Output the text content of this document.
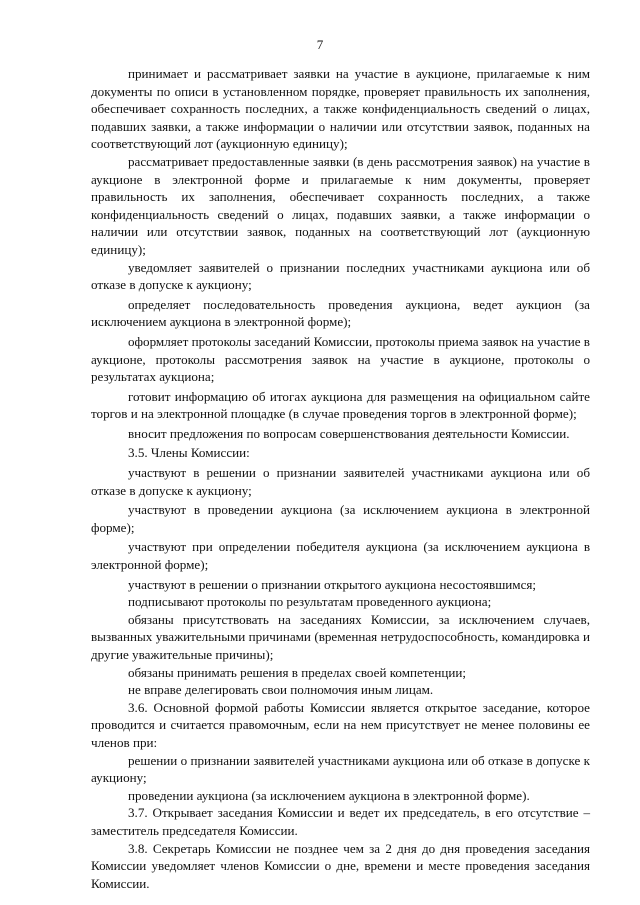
7

принимает и рассматривает заявки на участие в аукционе, прилагаемые к ним документы по описи в установленном порядке, проверяет правильность их заполнения, обеспечивает сохранность последних, а также конфиденциальность сведений о лицах, подавших заявки, а также информации о наличии или отсутствии заявок, поданных на соответствующий лот (аукционную единицу);

рассматривает предоставленные заявки (в день рассмотрения заявок) на участие в аукционе в электронной форме и прилагаемые к ним документы, проверяет правильность их заполнения, обеспечивает сохранность последних, а также конфиденциальность сведений о лицах, подавших заявки, а также информации о наличии или отсутствии заявок, поданных на соответствующий лот (аукционную единицу);

уведомляет заявителей о признании последних участниками аукциона или об отказе в допуске к аукциону;

определяет последовательность проведения аукциона, ведет аукцион (за исключением аукциона в электронной форме);

оформляет протоколы заседаний Комиссии, протоколы приема заявок на участие в аукционе, протоколы рассмотрения заявок на участие в аукционе, протоколы о результатах аукциона;

готовит информацию об итогах аукциона для размещения на официальном сайте торгов и на электронной площадке (в случае проведения торгов в электронной форме);

вносит предложения по вопросам совершенствования деятельности Комиссии.

3.5. Члены Комиссии:

участвуют в решении о признании заявителей участниками аукциона или об отказе в допуске к аукциону;

участвуют в проведении аукциона (за исключением аукциона в электронной форме);

участвуют при определении победителя аукциона (за исключением аукциона в электронной форме);

участвуют в решении о признании открытого аукциона несостоявшимся;

подписывают протоколы по результатам проведенного аукциона;

обязаны присутствовать на заседаниях Комиссии, за исключением случаев, вызванных уважительными причинами (временная нетрудоспособность, командировка и другие уважительные причины);

обязаны принимать решения в пределах своей компетенции;

не вправе делегировать свои полномочия иным лицам.

3.6. Основной формой работы Комиссии является открытое заседание, которое проводится и считается правомочным, если на нем присутствует не менее половины ее членов при:

решении о признании заявителей участниками аукциона или об отказе в допуске к аукциону;

проведении аукциона (за исключением аукциона в электронной форме).

3.7. Открывает заседания Комиссии и ведет их председатель, в его отсутствие – заместитель председателя Комиссии.

3.8. Секретарь Комиссии не позднее чем за 2 дня до дня проведения заседания Комиссии уведомляет членов Комиссии о дне, времени и месте проведения заседания Комиссии.
